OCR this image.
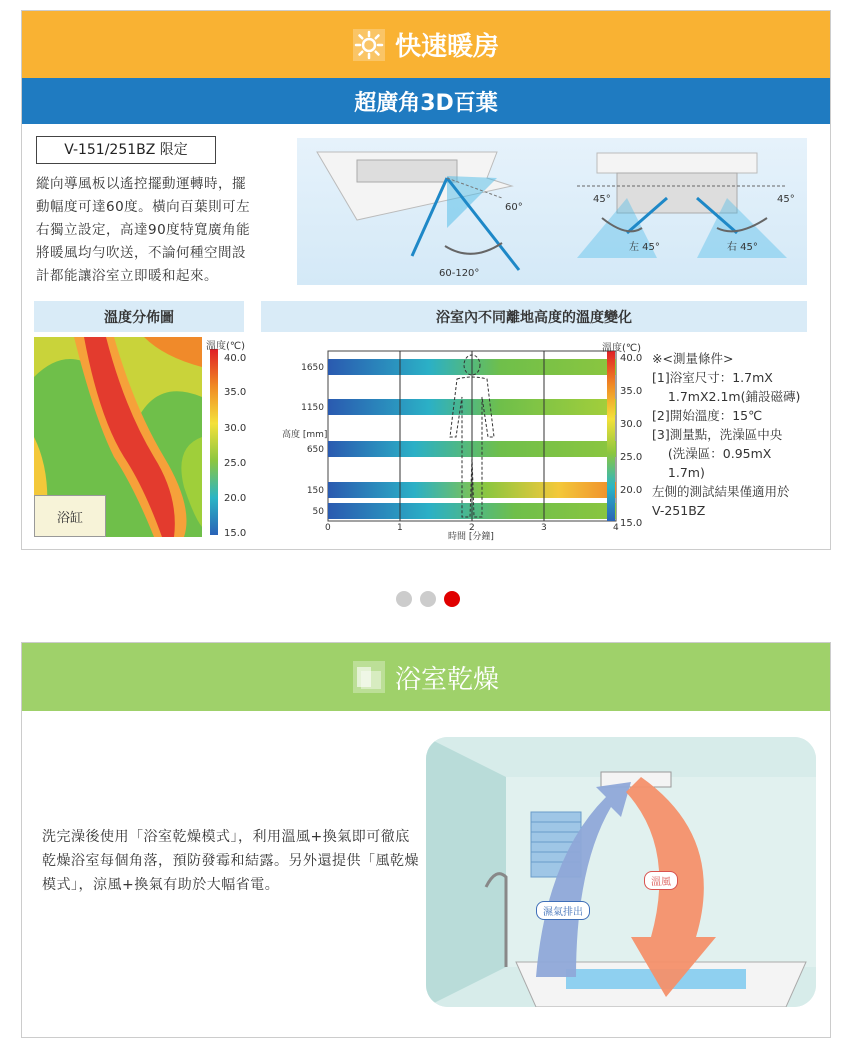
快速暖房
超廣角3D百葉
V-151/251BZ 限定
縱向導風板以遙控擺動運轉時，擺
動幅度可達60度。橫向百葉則可左
右獨立設定，高達90度特寬廣角能
將暖風均勻吹送，不論何種空間設
計都能讓浴室立即暖和起來。
60°
60-120°
45°	45°
左 45°	右 45°
溫度分佈圖
浴缸
溫度(℃)
40.0
35.0
30.0
25.0
20.0
15.0
浴室內不同離地高度的溫度變化
0	1	2	3	4
1650
1150
650
150
50
高度 [mm]
時間 [分鐘]
溫度(℃)
40.0
35.0
30.0
25.0
20.0
15.0
※<測量條件>
[1]浴室尺寸：1.7mX
1.7mX2.1m(鋪設磁磚)
[2]開始溫度：15℃
[3]測量點，洗澡區中央
(洗澡區：0.95mX
1.7m)
左側的測試結果僅適用於
V-251BZ
浴室乾燥
洗完澡後使用「浴室乾燥模式」，利用溫風+換氣即可徹底乾燥浴室每個角落，預防發霉和結露。另外還提供「風乾燥模式」，涼風+換氣有助於大幅省電。	溫風
濕氣排出
